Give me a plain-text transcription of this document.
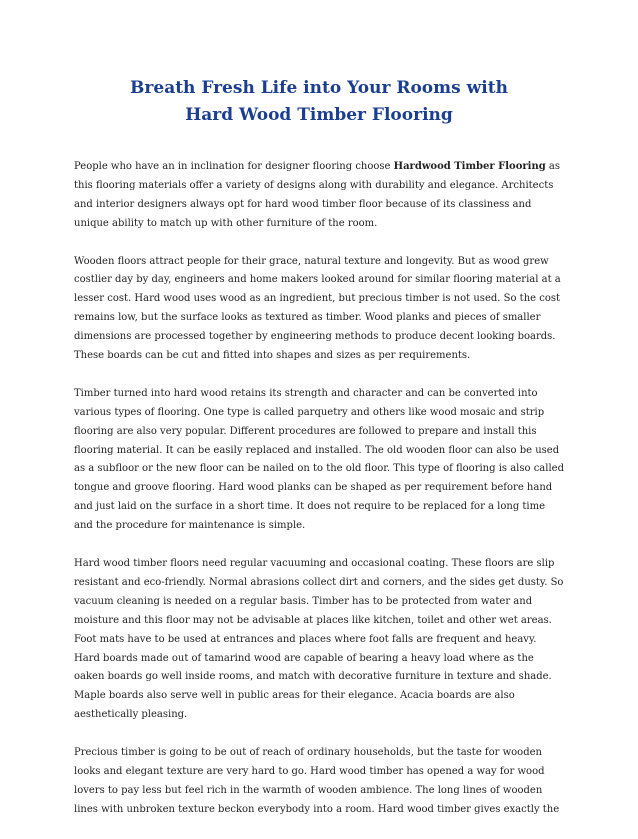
Breath Fresh Life into Your Rooms with
Hard Wood Timber Flooring

People who have an in inclination for designer flooring choose Hardwood Timber Flooring as this flooring materials offer a variety of designs along with durability and elegance. Architects and interior designers always opt for hard wood timber floor because of its classiness and unique ability to match up with other furniture of the room.

Wooden floors attract people for their grace, natural texture and longevity. But as wood grew costlier day by day, engineers and home makers looked around for similar flooring material at a lesser cost. Hard wood uses wood as an ingredient, but precious timber is not used. So the cost remains low, but the surface looks as textured as timber. Wood planks and pieces of smaller dimensions are processed together by engineering methods to produce decent looking boards. These boards can be cut and fitted into shapes and sizes as per requirements.

Timber turned into hard wood retains its strength and character and can be converted into various types of flooring. One type is called parquetry and others like wood mosaic and strip flooring are also very popular. Different procedures are followed to prepare and install this flooring material. It can be easily replaced and installed. The old wooden floor can also be used as a subfloor or the new floor can be nailed on to the old floor. This type of flooring is also called tongue and groove flooring. Hard wood planks can be shaped as per requirement before hand and just laid on the surface in a short time. It does not require to be replaced for a long time and the procedure for maintenance is simple.

Hard wood timber floors need regular vacuuming and occasional coating. These floors are slip resistant and eco-friendly. Normal abrasions collect dirt and corners, and the sides get dusty. So vacuum cleaning is needed on a regular basis. Timber has to be protected from water and moisture and this floor may not be advisable at places like kitchen, toilet and other wet areas. Foot mats have to be used at entrances and places where foot falls are frequent and heavy. Hard boards made out of tamarind wood are capable of bearing a heavy load where as the oaken boards go well inside rooms, and match with decorative furniture in texture and shade. Maple boards also serve well in public areas for their elegance. Acacia boards are also aesthetically pleasing.

Precious timber is going to be out of reach of ordinary households, but the taste for wooden looks and elegant texture are very hard to go. Hard wood timber has opened a way for wood lovers to pay less but feel rich in the warmth of wooden ambience. The long lines of wooden lines with unbroken texture beckon everybody into a room. Hard wood timber gives exactly the
